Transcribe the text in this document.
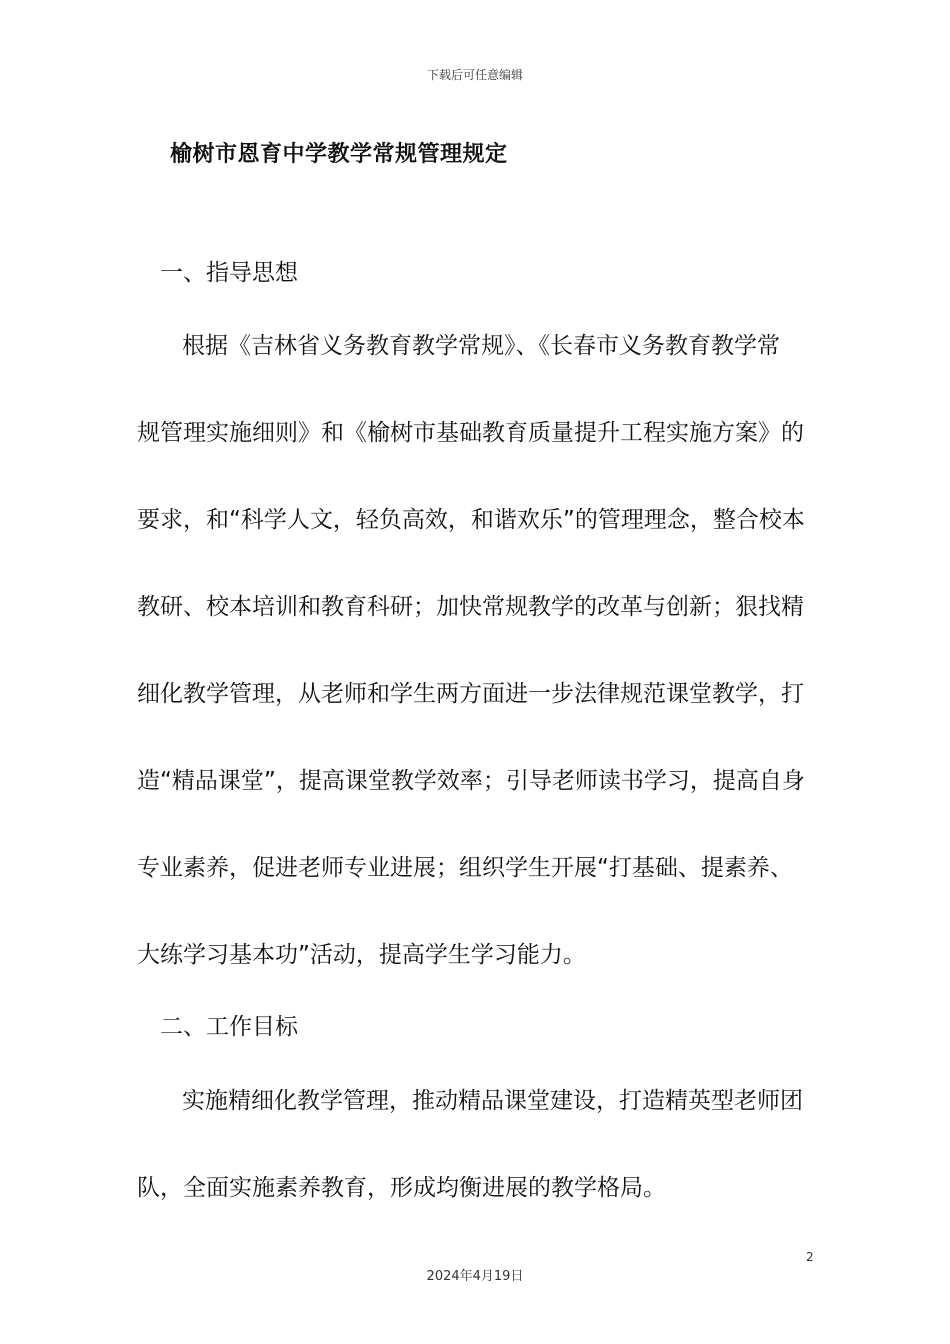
下载后可任意编辑
榆树市恩育中学教学常规管理规定
一、指导思想
根据《吉林省义务教育教学常规》、《长春市义务教育教学常
规管理实施细则》和《榆树市基础教育质量提升工程实施方案》的
要求，和“科学人文，轻负高效，和谐欢乐”的管理理念，整合校本
教研、校本培训和教育科研；加快常规教学的改革与创新；狠找精
细化教学管理，从老师和学生两方面进一步法律规范课堂教学，打
造“精品课堂”，提高课堂教学效率；引导老师读书学习，提高自身
专业素养，促进老师专业进展；组织学生开展“打基础、提素养、
大练学习基本功”活动，提高学生学习能力。
二、工作目标
实施精细化教学管理，推动精品课堂建设，打造精英型老师团
队，全面实施素养教育，形成均衡进展的教学格局。
2
2024年4月19日
